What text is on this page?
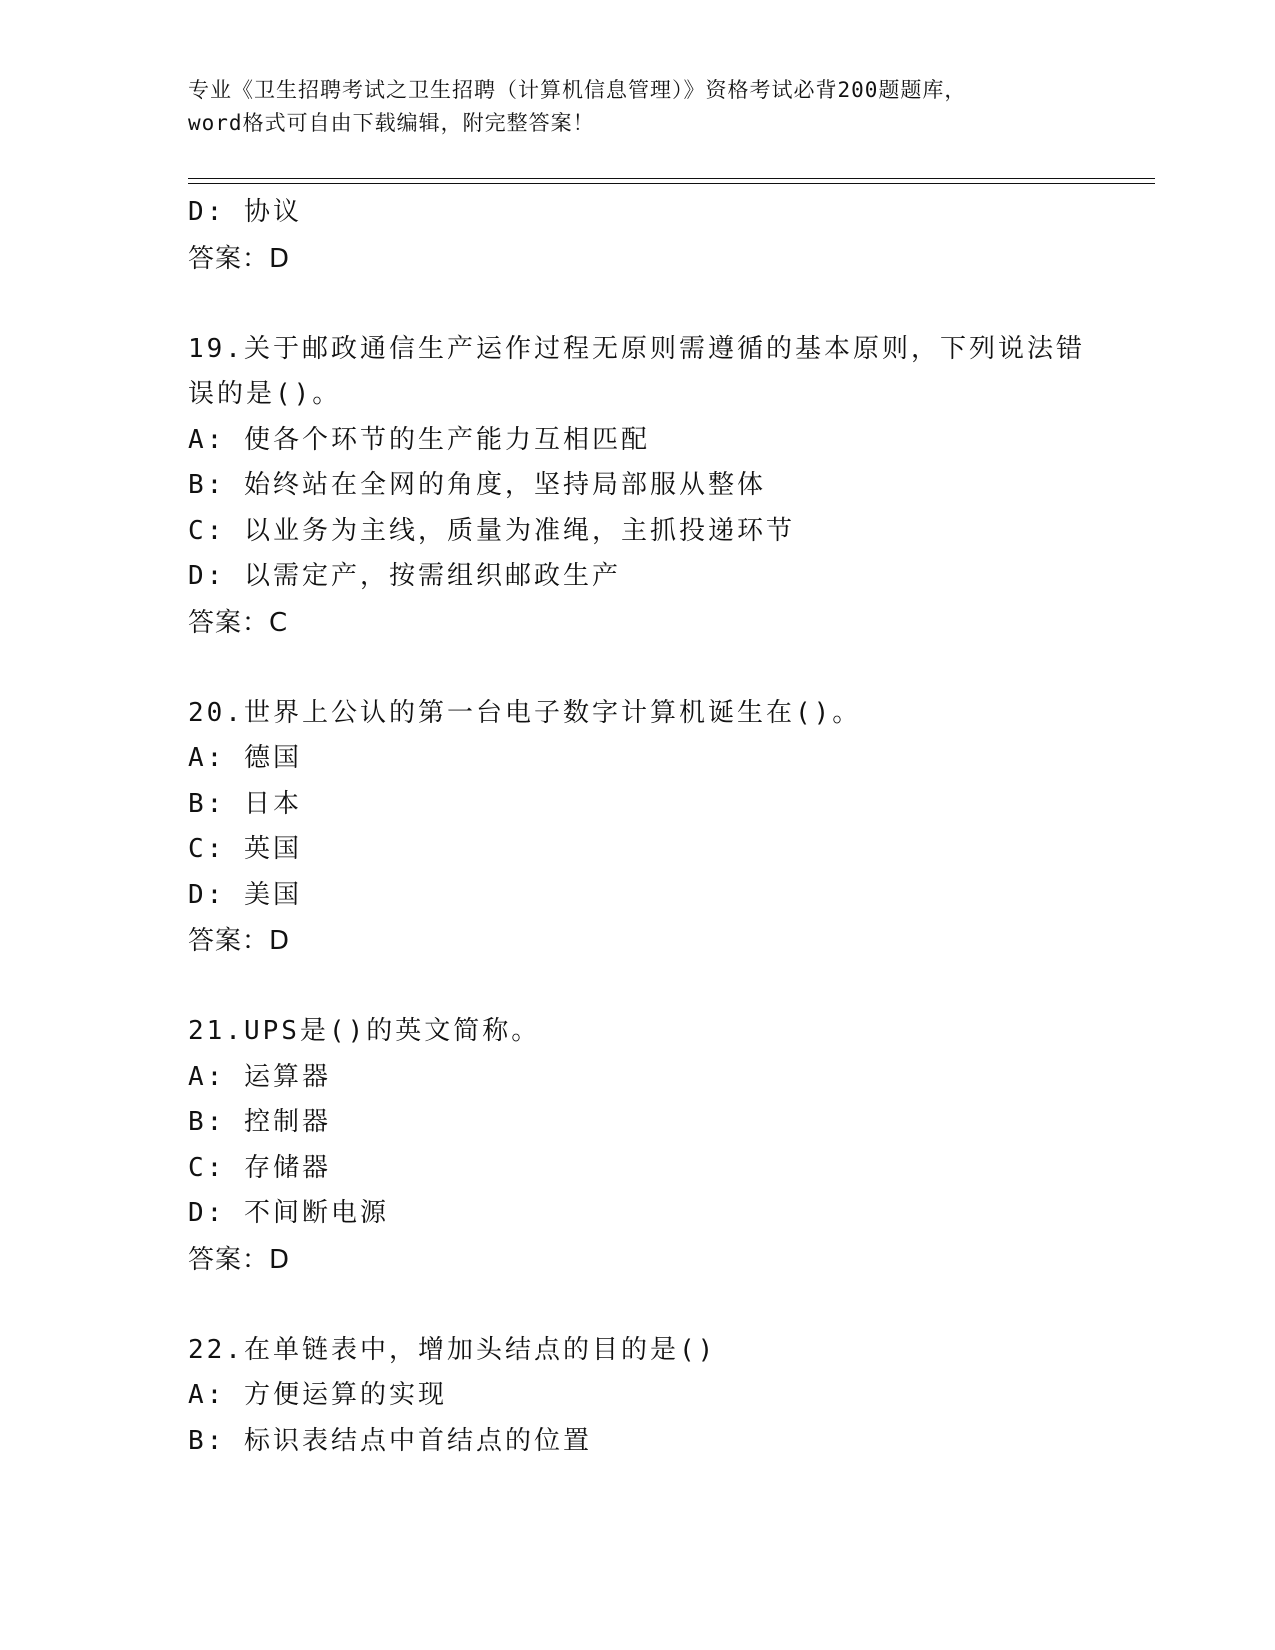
专业《卫生招聘考试之卫生招聘（计算机信息管理）》资格考试必背200题题库，
word格式可自由下载编辑，附完整答案！
D: 协议
答案：D
19.关于邮政通信生产运作过程无原则需遵循的基本原则，下列说法错
误的是()。
A: 使各个环节的生产能力互相匹配
B: 始终站在全网的角度，坚持局部服从整体
C: 以业务为主线，质量为准绳，主抓投递环节
D: 以需定产，按需组织邮政生产
答案：C
20.世界上公认的第一台电子数字计算机诞生在()。
A: 德国
B: 日本
C: 英国
D: 美国
答案：D
21.UPS是()的英文简称。
A: 运算器
B: 控制器
C: 存储器
D: 不间断电源
答案：D
22.在单链表中，增加头结点的目的是()
A: 方便运算的实现
B: 标识表结点中首结点的位置
